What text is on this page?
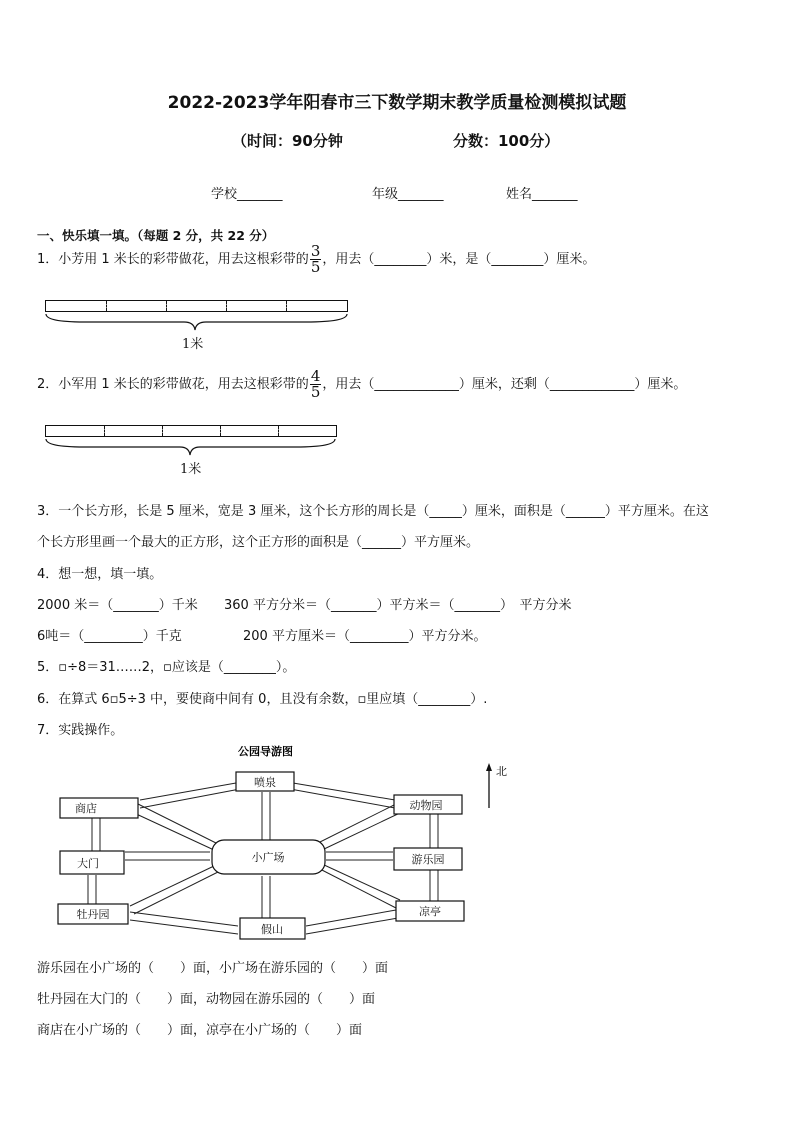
2022-2023学年阳春市三下数学期末教学质量检测模拟试题
（时间：90分钟	分数：100分）
学校_______	年级_______	姓名_______
一、快乐填一填。（每题 2 分，共 22 分）
1．小芳用 1 米长的彩带做花，用去这根彩带的 $\frac{3}{5}$ ，用去（________）米，是（________）厘米。
1米
2．小军用 1 米长的彩带做花，用去这根彩带的 $\frac{4}{5}$ ，用去（_____________）厘米，还剩（_____________）厘米。
1米
3．一个长方形，长是 5 厘米，宽是 3 厘米，这个长方形的周长是（_____）厘米，面积是（______）平方厘米。在这
个长方形里画一个最大的正方形，这个正方形的面积是（______）平方厘米。
4．想一想，填一填。
2000 米＝（_______）千米 360 平方分米＝（_______）平方米＝（_______）　平方分米
6吨＝（_________）千克	200 平方厘米＝（_________）平方分米。
5．▫÷8＝31……2，▫应该是（________）。
6．在算式 6▫5÷3 中，要使商中间有 0，且没有余数，▫里应填（________）.
7．实践操作。
公园导游图
北
喷泉
商店	动物园
大门	小广场	游乐园
牡丹园	凉亭
假山
游乐园在小广场的（　　）面，小广场在游乐园的（　　）面
牡丹园在大门的（　　）面，动物园在游乐园的（　　）面
商店在小广场的（　　）面，凉亭在小广场的（　　）面
